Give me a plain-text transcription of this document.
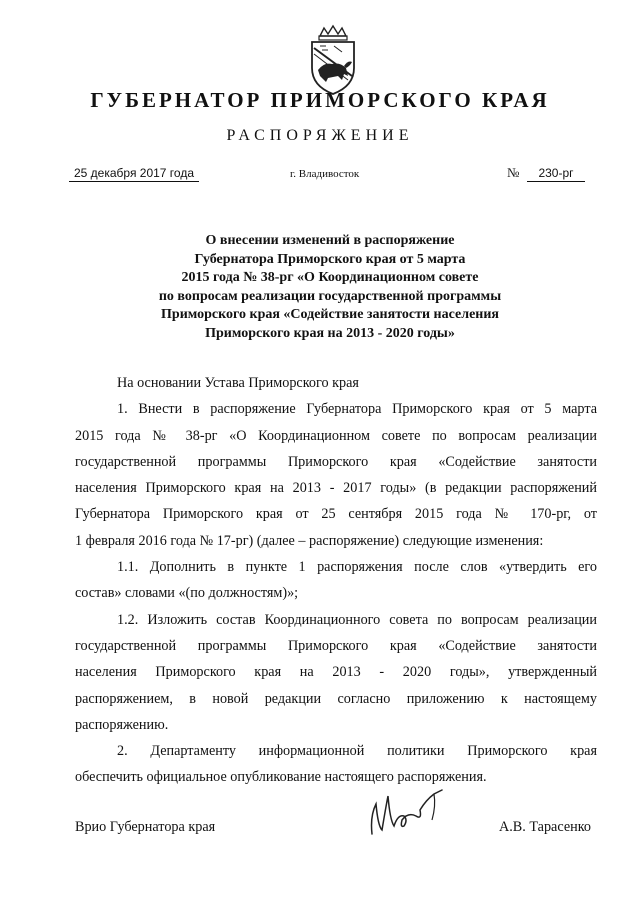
ГУБЕРНАТОР ПРИМОРСКОГО КРАЯ
РАСПОРЯЖЕНИЕ
25 декабря 2017 года	г. Владивосток	№	230-рг
О внесении изменений в распоряжение
Губернатора Приморского края от 5 марта
2015 года № 38-рг «О Координационном совете
по вопросам реализации государственной программы
Приморского края «Содействие занятости населения
Приморского края на 2013 - 2020 годы»
На основании Устава Приморского края
1. Внести в распоряжение Губернатора Приморского края от 5 марта
2015 года № 38-рг «О Координационном совете по вопросам реализации
государственной программы Приморского края «Содействие занятости
населения Приморского края на 2013 - 2017 годы» (в редакции распоряжений
Губернатора Приморского края от 25 сентября 2015 года № 170-рг, от
1 февраля 2016 года № 17-рг) (далее – распоряжение) следующие изменения:
1.1. Дополнить в пункте 1 распоряжения после слов «утвердить его
состав» словами «(по должностям)»;
1.2. Изложить состав Координационного совета по вопросам реализации
государственной программы Приморского края «Содействие занятости
населения Приморского края на 2013 - 2020 годы», утвержденный
распоряжением, в новой редакции согласно приложению к настоящему
распоряжению.
2. Департаменту информационной политики Приморского края
обеспечить официальное опубликование настоящего распоряжения.
Врио Губернатора края	А.В. Тарасенко
